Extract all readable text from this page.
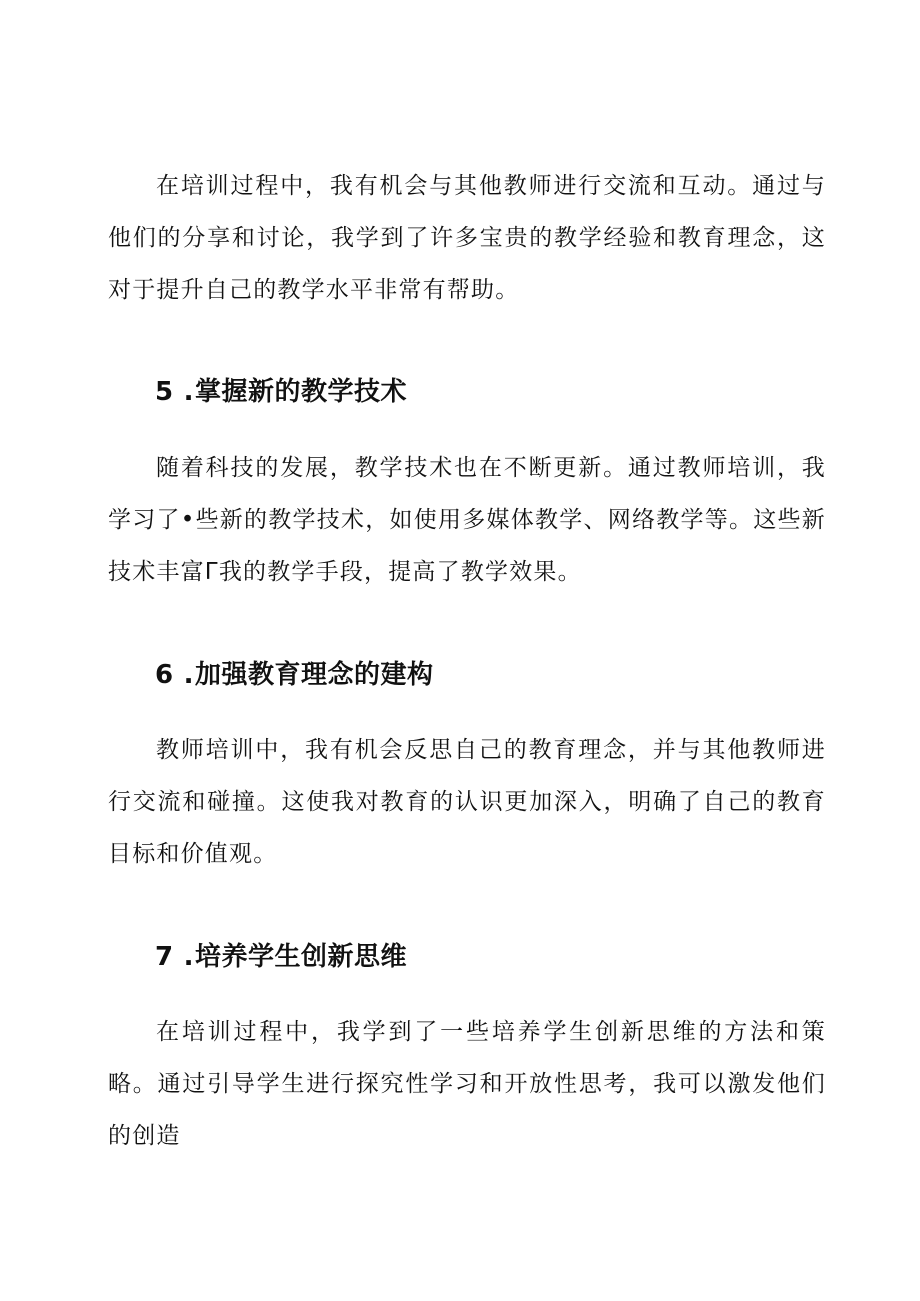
在培训过程中，我有机会与其他教师进行交流和互动。通过与他们的分享和讨论，我学到了许多宝贵的教学经验和教育理念，这对于提升自己的教学水平非常有帮助。

5 .掌握新的教学技术

随着科技的发展，教学技术也在不断更新。通过教师培训，我学习了•些新的教学技术，如使用多媒体教学、网络教学等。这些新技术丰富Γ我的教学手段，提高了教学效果。

6 .加强教育理念的建构

教师培训中，我有机会反思自己的教育理念，并与其他教师进行交流和碰撞。这使我对教育的认识更加深入，明确了自己的教育目标和价值观。

7 .培养学生创新思维

在培训过程中，我学到了一些培养学生创新思维的方法和策略。通过引导学生进行探究性学习和开放性思考，我可以激发他们的创造
